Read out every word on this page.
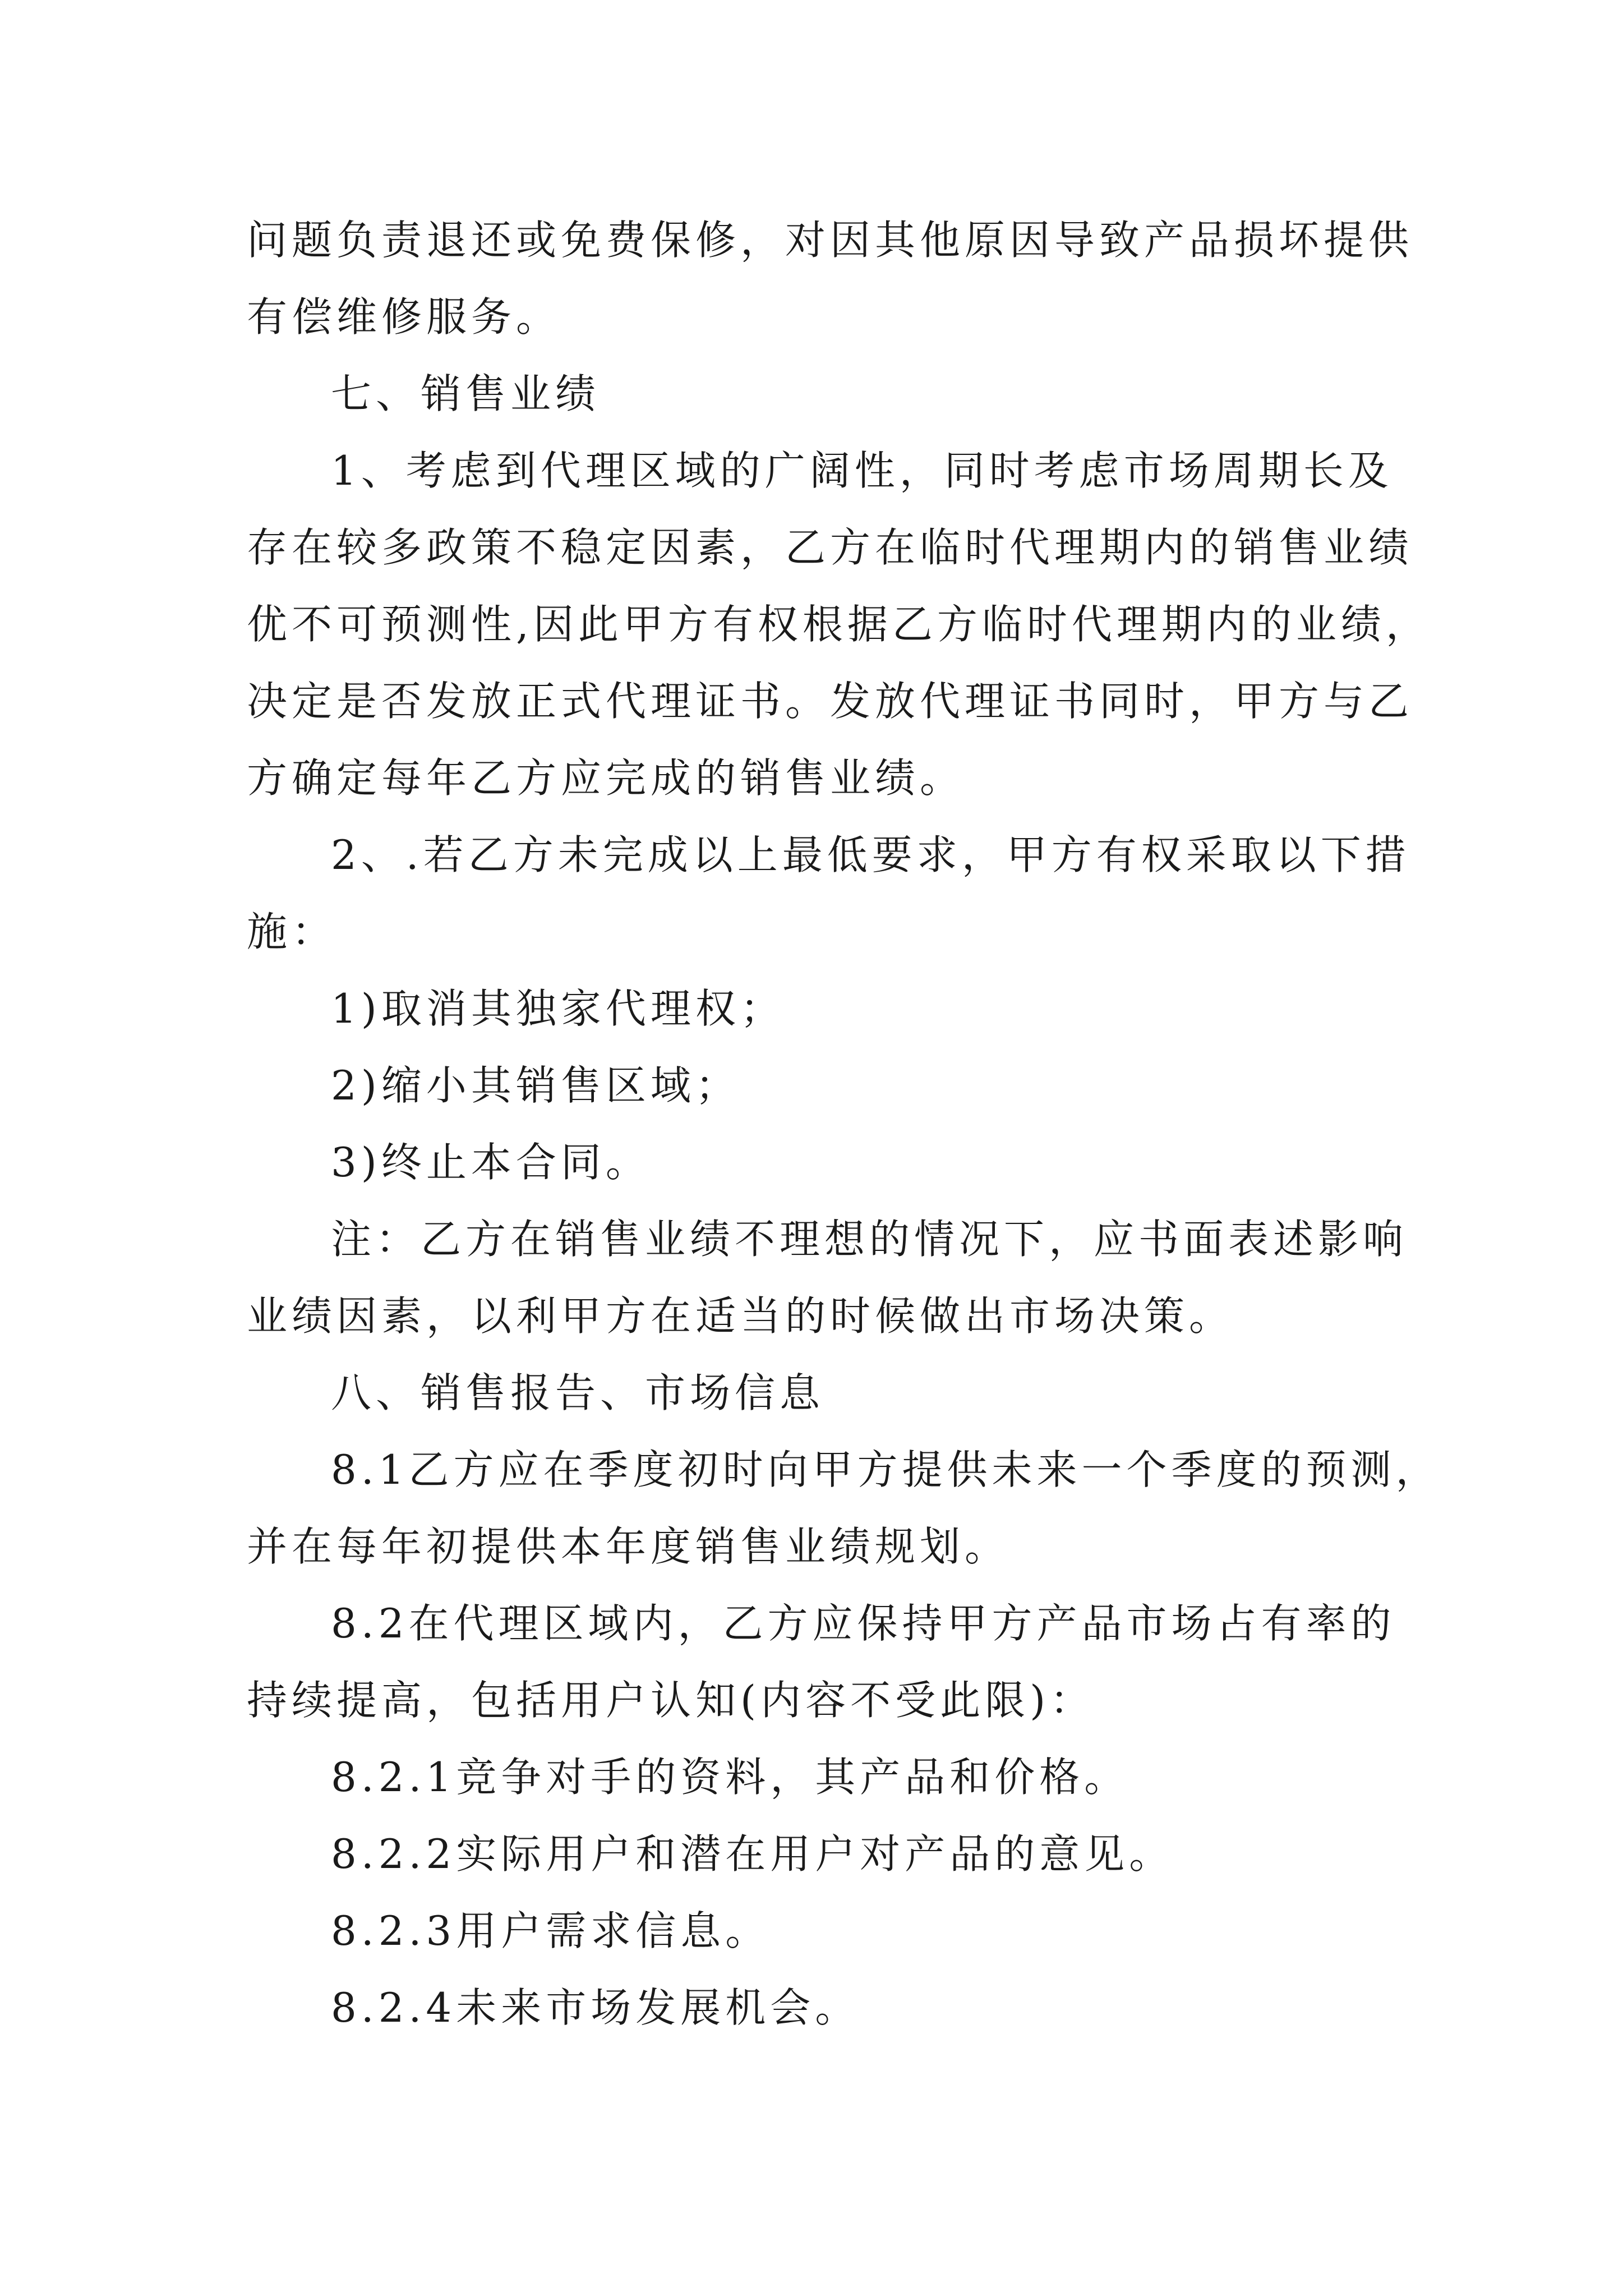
问题负责退还或免费保修，对因其他原因导致产品损坏提供
有偿维修服务。
七、销售业绩
1、考虑到代理区域的广阔性，同时考虑市场周期长及
存在较多政策不稳定因素，乙方在临时代理期内的销售业绩
优不可预测性,因此甲方有权根据乙方临时代理期内的业绩，
决定是否发放正式代理证书。发放代理证书同时，甲方与乙
方确定每年乙方应完成的销售业绩。
2、.若乙方未完成以上最低要求，甲方有权采取以下措
施：
1)取消其独家代理权；
2)缩小其销售区域；
3)终止本合同。
注：乙方在销售业绩不理想的情况下，应书面表述影响
业绩因素，以利甲方在适当的时候做出市场决策。
八、销售报告、市场信息
8.1乙方应在季度初时向甲方提供未来一个季度的预测，
并在每年初提供本年度销售业绩规划。
8.2在代理区域内，乙方应保持甲方产品市场占有率的
持续提高，包括用户认知(内容不受此限)：
8.2.1竞争对手的资料，其产品和价格。
8.2.2实际用户和潜在用户对产品的意见。
8.2.3用户需求信息。
8.2.4未来市场发展机会。
